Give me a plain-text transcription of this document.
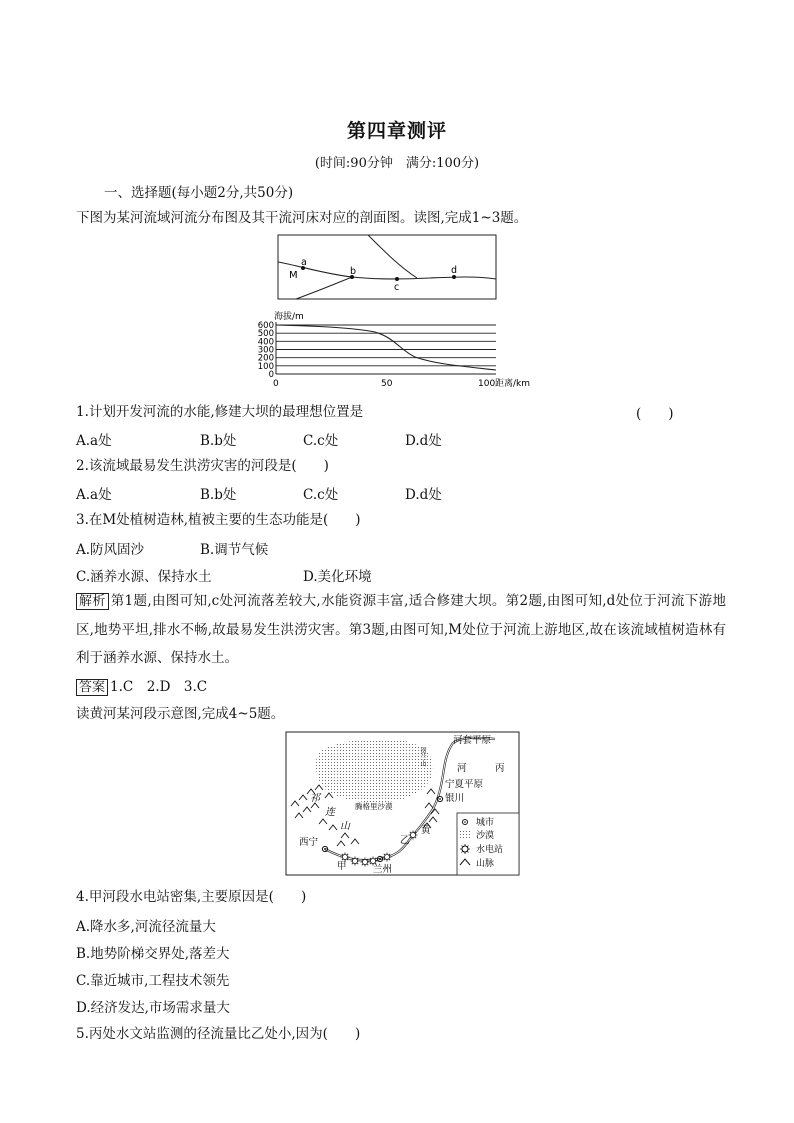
第四章测评
(时间:90分钟　满分:100分)
一、选择题(每小题2分,共50分)
下图为某河流域河流分布图及其干流河床对应的剖面图。读图,完成1~3题。
M
a
b
c
d
海拔/m
600
500
400
300
200
100
0
0	50	100 距离/km
1.计划开发河流的水能,修建大坝的最理想位置是	(　　)
A.a处	B.b处	C.c处	D.d处
2.该流域最易发生洪涝灾害的河段是(　　)
A.a处	B.b处	C.c处	D.d处
3.在M处植树造林,植被主要的生态功能是(　　)
A.防风固沙	B.调节气候
C.涵养水源、保持水土	D.美化环境
解析 第1题,由图可知,c处河流落差较大,水能资源丰富,适合修建大坝。第2题,由图可知,d处位于河流下游地区,地势平坦,排水不畅,故最易发生洪涝灾害。第3题,由图可知,M处位于河流上游地区,故在该流域植树造林有利于涵养水源、保持水土。
答案 1.C　2.D　3.C
读黄河某河段示意图,完成4~5题。
河套平原
河	丙
宁夏平原
银川
腾格里沙漠
祁
连
山
西宁
甲	兰州
乙
黄
贺兰山
城市
沙漠
水电站
山脉
4.甲河段水电站密集,主要原因是(　　)
A.降水多,河流径流量大
B.地势阶梯交界处,落差大
C.靠近城市,工程技术领先
D.经济发达,市场需求量大
5.丙处水文站监测的径流量比乙处小,因为(　　)
